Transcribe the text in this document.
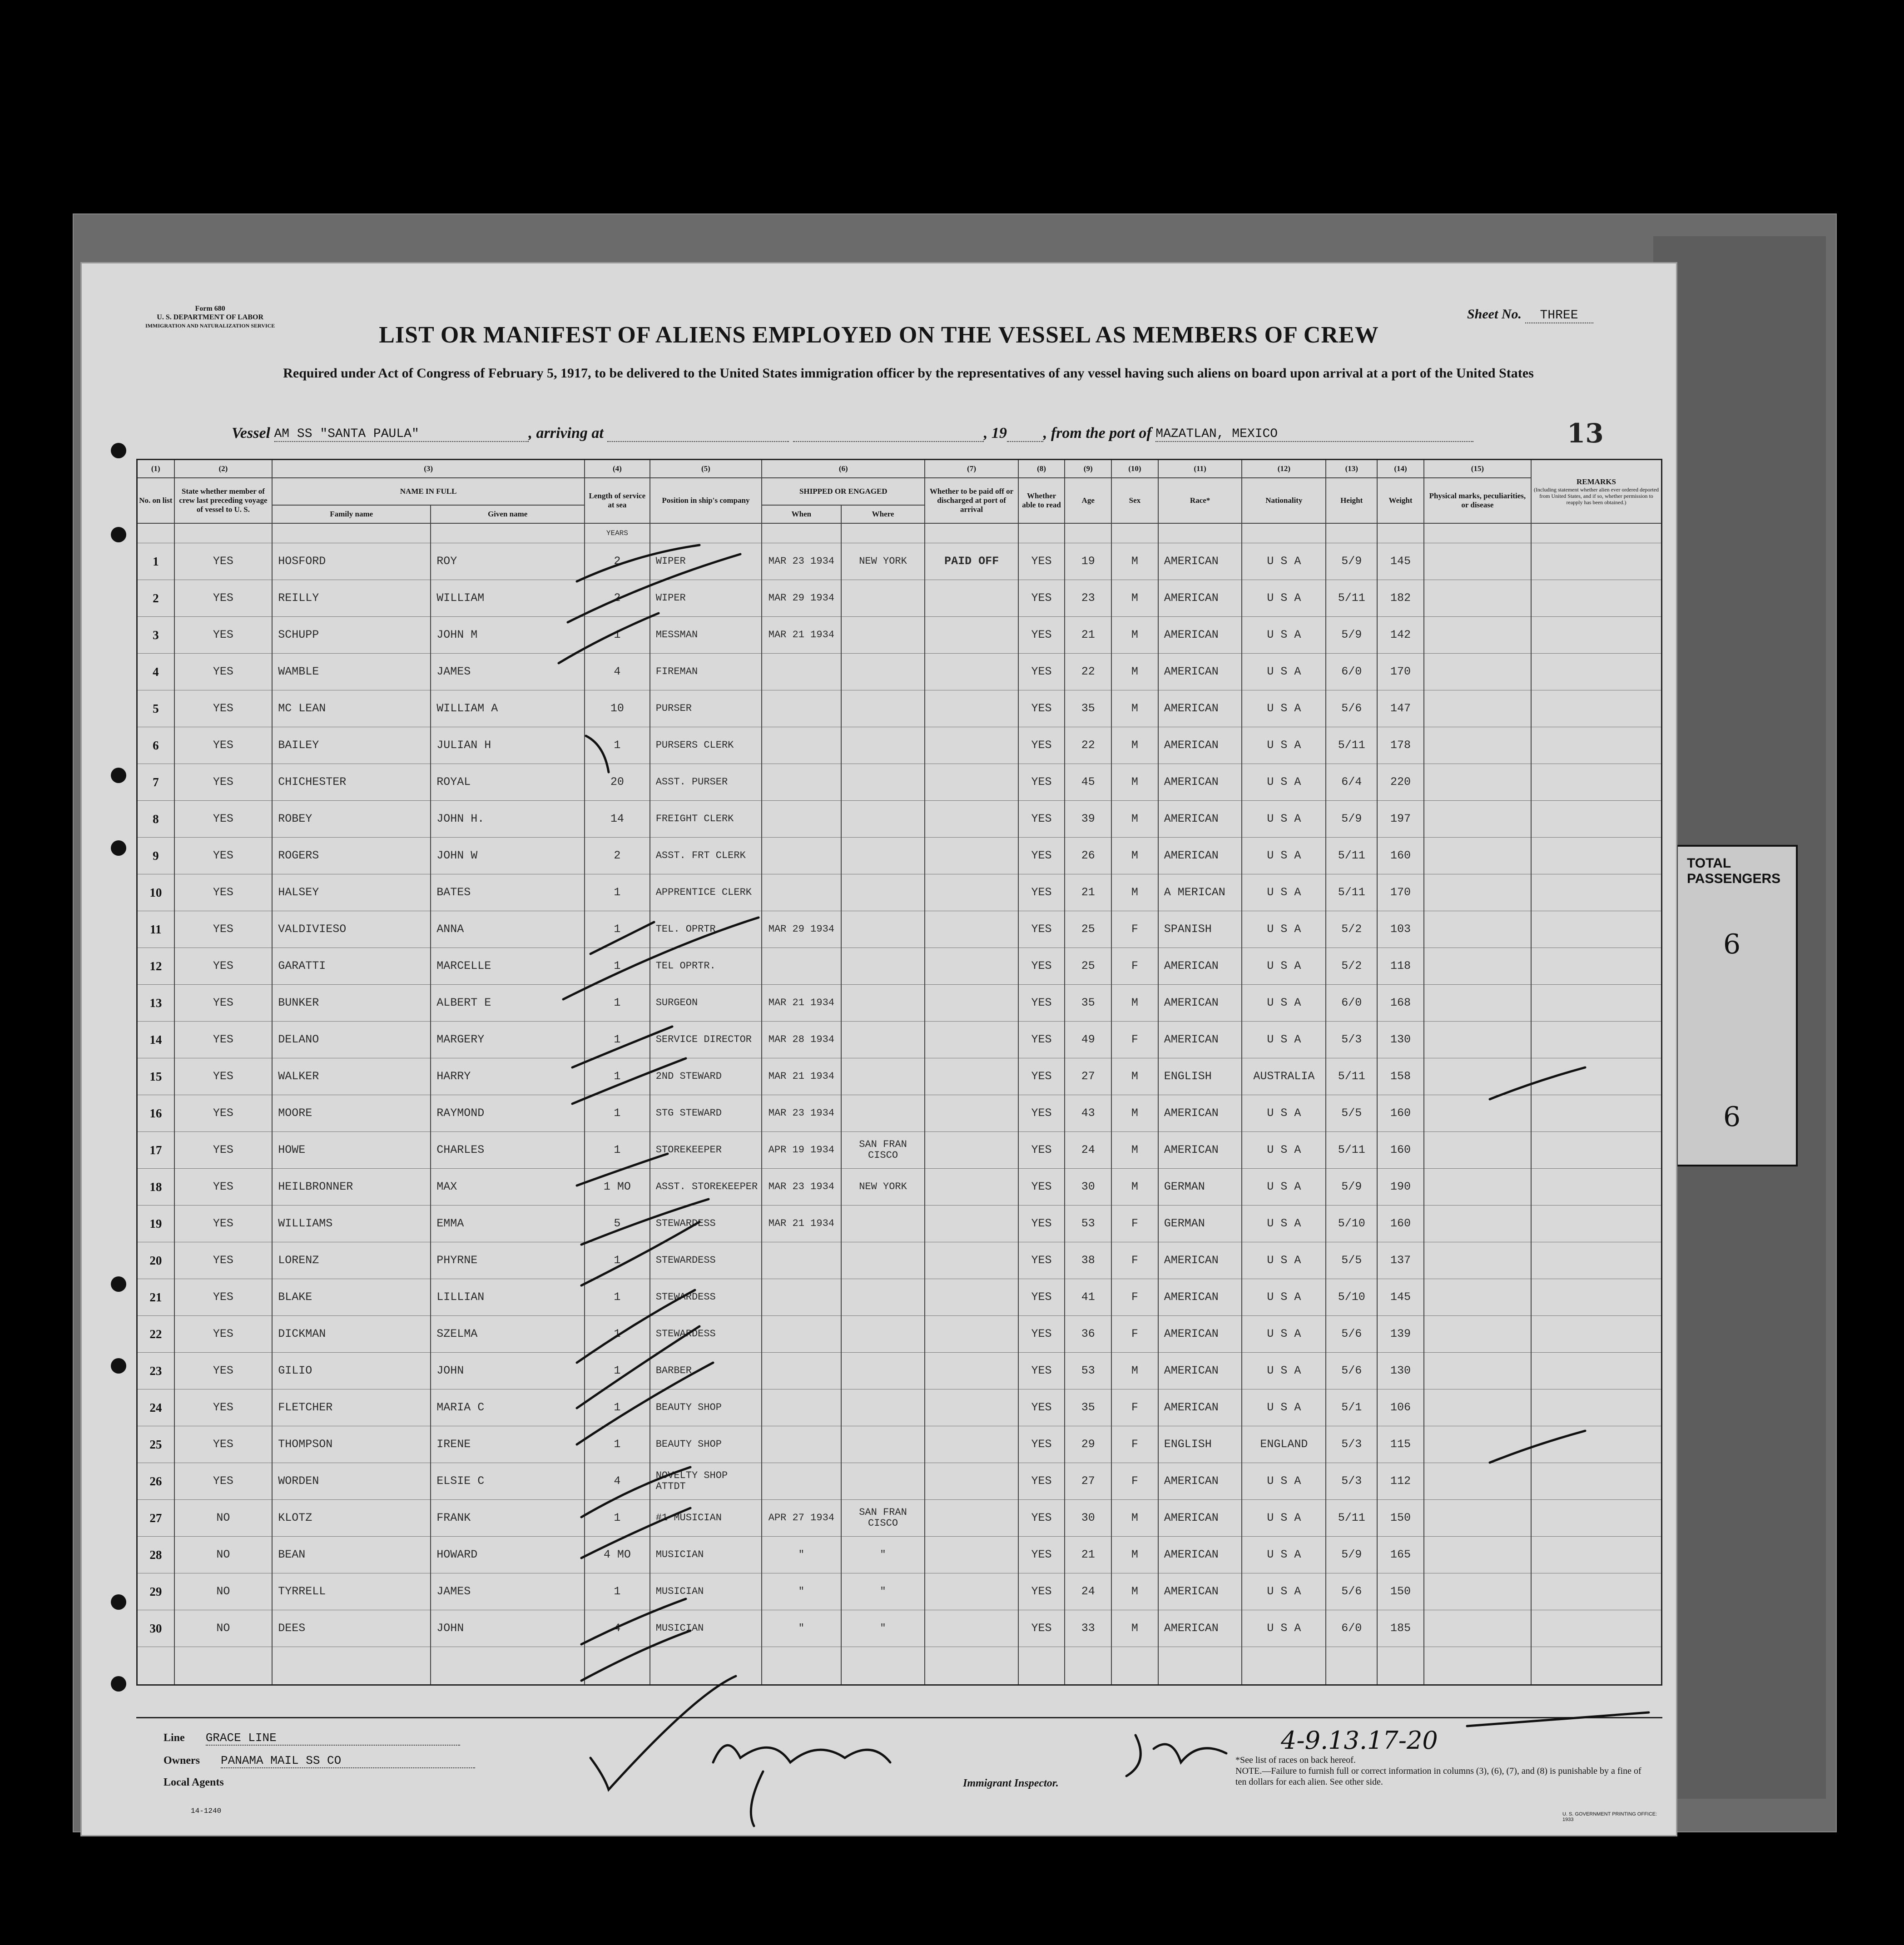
TOTAL PASSENGERS
6
6
Form 680
U. S. DEPARTMENT OF LABOR
IMMIGRATION AND NATURALIZATION SERVICE
Sheet No. THREE
LIST OR MANIFEST OF ALIENS EMPLOYED ON THE VESSEL AS MEMBERS OF CREW
Required under Act of Congress of February 5, 1917, to be delivered to the United States immigration officer by the representatives of any vessel having such aliens on board upon arrival at a port of the United States
Vessel AM SS "SANTA PAULA"	, arriving at	, 19 , from the port of MAZATLAN, MEXICO	13
(1)	(2)	(3)		(4)	(5)	(6)		(7)	(8)	(9)	(10)	(11)	(12)	(13)	(14)	(15)	REMARKS
(Including statement whether alien ever ordered deported from United States, and if so, whether permission to reapply has been obtained.)

No. on list	State whether member of crew last preceding voyage of vessel to U. S.	NAME IN FULL		Length of service at sea	Position in ship's company	SHIPPED OR ENGAGED		Whether to be paid off or discharged at port of arrival	Whether able to read	Age	Sex	Race*	Nationality	Height	Weight	Physical marks, peculiarities, or disease	
		Family name	Given name			When	Where										
				YEARS													
1	YES	HOSFORD	ROY	2	WIPER	MAR 23 1934	NEW YORK	PAID OFF	YES	19	M	AMERICAN	U S A	5/9	145		
2	YES	REILLY	WILLIAM	2	WIPER	MAR 29 1934			YES	23	M	AMERICAN	U S A	5/11	182		
3	YES	SCHUPP	JOHN M	1	MESSMAN	MAR 21 1934			YES	21	M	AMERICAN	U S A	5/9	142		
4	YES	WAMBLE	JAMES	4	FIREMAN				YES	22	M	AMERICAN	U S A	6/0	170		
5	YES	MC LEAN	WILLIAM A	10	PURSER				YES	35	M	AMERICAN	U S A	5/6	147		
6	YES	BAILEY	JULIAN H	1	PURSERS CLERK				YES	22	M	AMERICAN	U S A	5/11	178		
7	YES	CHICHESTER	ROYAL	20	ASST. PURSER				YES	45	M	AMERICAN	U S A	6/4	220		
8	YES	ROBEY	JOHN H.	14	FREIGHT CLERK				YES	39	M	AMERICAN	U S A	5/9	197		
9	YES	ROGERS	JOHN W	2	ASST. FRT CLERK				YES	26	M	AMERICAN	U S A	5/11	160		
10	YES	HALSEY	BATES	1	APPRENTICE CLERK				YES	21	M	A MERICAN	U S A	5/11	170		
11	YES	VALDIVIESO	ANNA	1	TEL. OPRTR	MAR 29 1934			YES	25	F	SPANISH	U S A	5/2	103		
12	YES	GARATTI	MARCELLE	1	TEL OPRTR.				YES	25	F	AMERICAN	U S A	5/2	118		
13	YES	BUNKER	ALBERT E	1	SURGEON	MAR 21 1934			YES	35	M	AMERICAN	U S A	6/0	168		
14	YES	DELANO	MARGERY	1	SERVICE DIRECTOR	MAR 28 1934			YES	49	F	AMERICAN	U S A	5/3	130		
15	YES	WALKER	HARRY	1	2ND STEWARD	MAR 21 1934			YES	27	M	ENGLISH	AUSTRALIA	5/11	158		
16	YES	MOORE	RAYMOND	1	STG STEWARD	MAR 23 1934			YES	43	M	AMERICAN	U S A	5/5	160		
17	YES	HOWE	CHARLES	1	STOREKEEPER	APR 19 1934	SAN FRAN CISCO		YES	24	M	AMERICAN	U S A	5/11	160		
18	YES	HEILBRONNER	MAX	1 MO	ASST. STOREKEEPER	MAR 23 1934	NEW YORK		YES	30	M	GERMAN	U S A	5/9	190		
19	YES	WILLIAMS	EMMA	5	STEWARDESS	MAR 21 1934			YES	53	F	GERMAN	U S A	5/10	160		
20	YES	LORENZ	PHYRNE	1	STEWARDESS				YES	38	F	AMERICAN	U S A	5/5	137		
21	YES	BLAKE	LILLIAN	1	STEWARDESS				YES	41	F	AMERICAN	U S A	5/10	145		
22	YES	DICKMAN	SZELMA	1	STEWARDESS				YES	36	F	AMERICAN	U S A	5/6	139		
23	YES	GILIO	JOHN	1	BARBER				YES	53	M	AMERICAN	U S A	5/6	130		
24	YES	FLETCHER	MARIA C	1	BEAUTY SHOP				YES	35	F	AMERICAN	U S A	5/1	106		
25	YES	THOMPSON	IRENE	1	BEAUTY SHOP				YES	29	F	ENGLISH	ENGLAND	5/3	115		
26	YES	WORDEN	ELSIE C	4	NOVELTY SHOP ATTDT				YES	27	F	AMERICAN	U S A	5/3	112		
27	NO	KLOTZ	FRANK	1	#1 MUSICIAN	APR 27 1934	SAN FRAN CISCO		YES	30	M	AMERICAN	U S A	5/11	150		
28	NO	BEAN	HOWARD	4 MO	MUSICIAN	"	"		YES	21	M	AMERICAN	U S A	5/9	165		
29	NO	TYRRELL	JAMES	1	MUSICIAN	"	"		YES	24	M	AMERICAN	U S A	5/6	150		
30	NO	DEES	JOHN	4	MUSICIAN	"	"		YES	33	M	AMERICAN	U S A	6/0	185		

Line GRACE LINE
Owners PANAMA MAIL SS CO
Local Agents
14-1240
Immigrant Inspector.
*See list of races on back hereof.
NOTE.—Failure to furnish full or correct information in columns (3), (6), (7), and (8) is punishable by a fine of ten dollars for each alien. See other side.
U. S. GOVERNMENT PRINTING OFFICE: 1933
4-9.13.17-20
